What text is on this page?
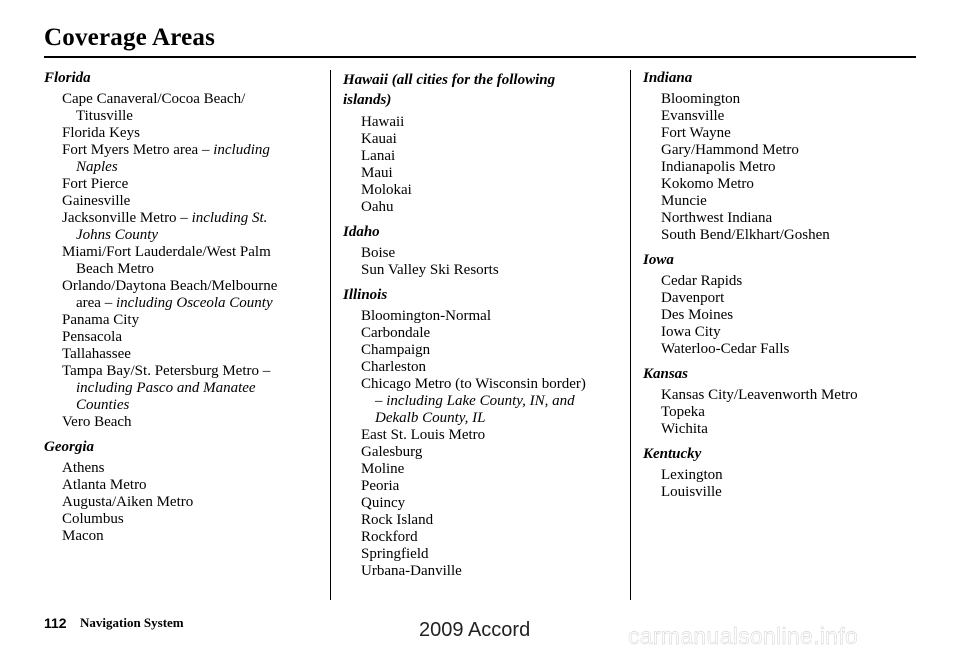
Coverage Areas
Florida
Cape Canaveral/Cocoa Beach/
Titusville
Florida Keys
Fort Myers Metro area – including
Naples
Fort Pierce
Gainesville
Jacksonville Metro – including St.
Johns County
Miami/Fort Lauderdale/West Palm
Beach Metro
Orlando/Daytona Beach/Melbourne
area – including Osceola County
Panama City
Pensacola
Tallahassee
Tampa Bay/St. Petersburg Metro –
including Pasco and Manatee
Counties
Vero Beach
Georgia
Athens
Atlanta Metro
Augusta/Aiken Metro
Columbus
Macon
Hawaii (all cities for the following
islands)
Hawaii
Kauai
Lanai
Maui
Molokai
Oahu
Idaho
Boise
Sun Valley Ski Resorts
Illinois
Bloomington-Normal
Carbondale
Champaign
Charleston
Chicago Metro (to Wisconsin border)
– including Lake County, IN, and
Dekalb County, IL
East St. Louis Metro
Galesburg
Moline
Peoria
Quincy
Rock Island
Rockford
Springfield
Urbana-Danville
Indiana
Bloomington
Evansville
Fort Wayne
Gary/Hammond Metro
Indianapolis Metro
Kokomo Metro
Muncie
Northwest Indiana
South Bend/Elkhart/Goshen
Iowa
Cedar Rapids
Davenport
Des Moines
Iowa City
Waterloo-Cedar Falls
Kansas
Kansas City/Leavenworth Metro
Topeka
Wichita
Kentucky
Lexington
Louisville
112 Navigation System	2009 Accord	carmanualsonline.info
